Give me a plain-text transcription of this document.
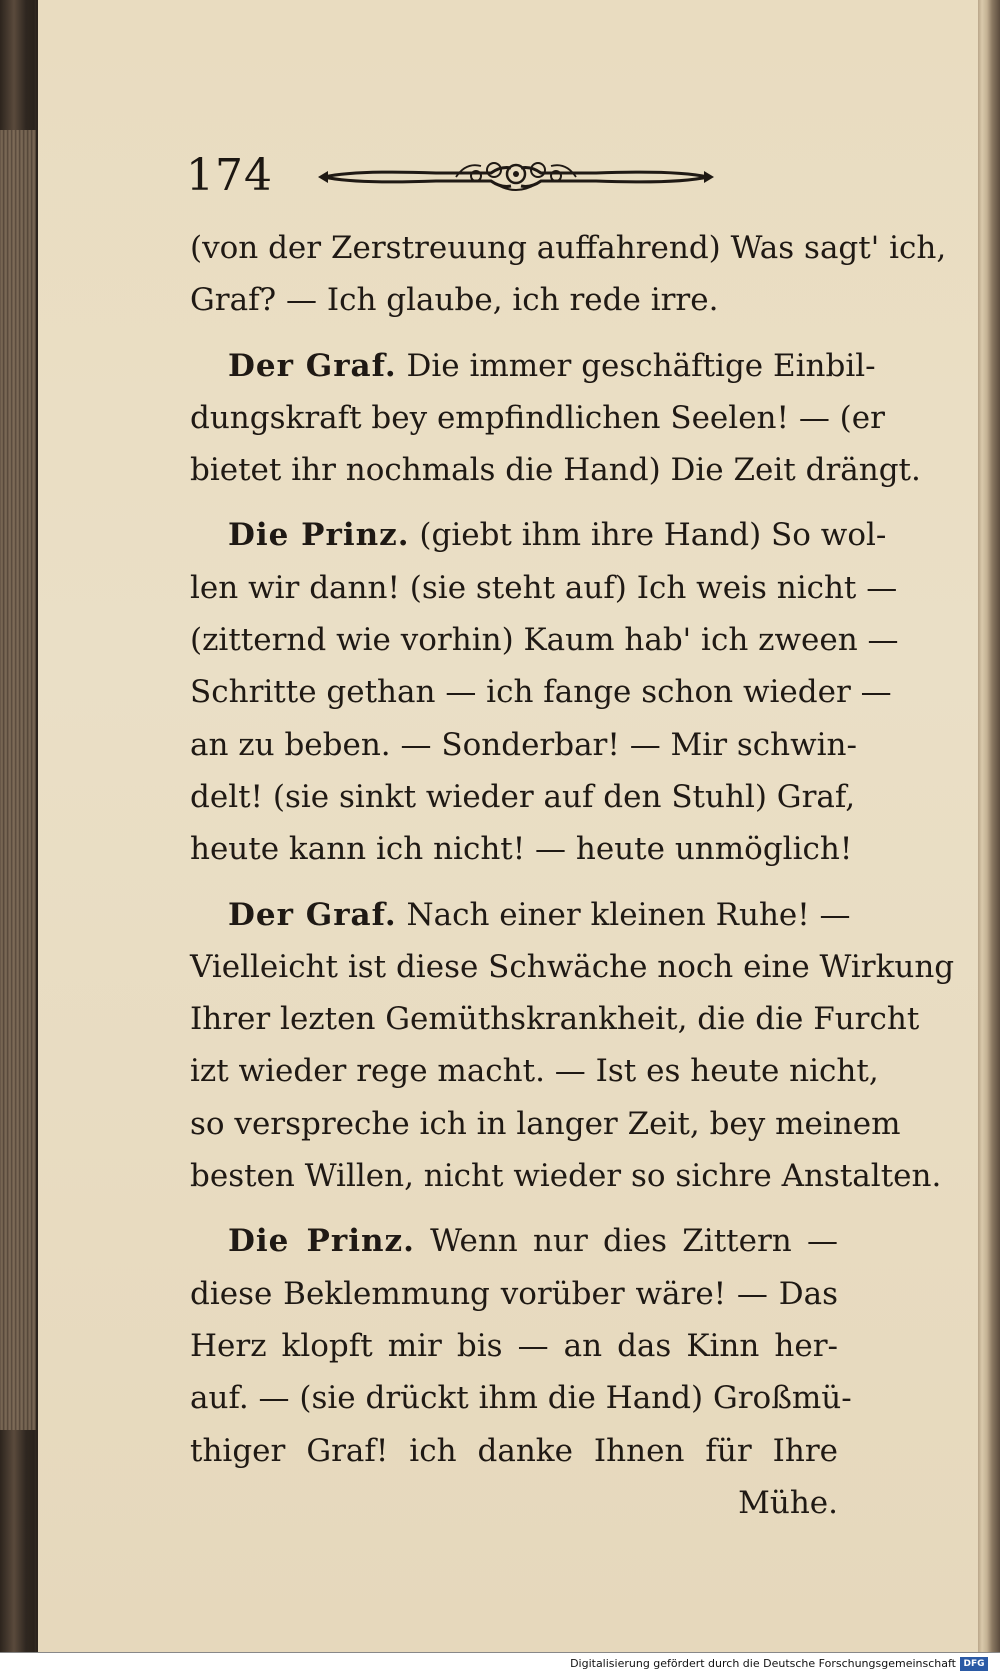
174
(von der Zerstreuung auffahrend) Was sagt' ich,
Graf? — Ich glaube, ich rede irre.
Der Graf. Die immer geschäftige Einbil-
dungskraft bey empfindlichen Seelen! — (er
bietet ihr nochmals die Hand) Die Zeit drängt.
Die Prinz. (giebt ihm ihre Hand) So wol-
len wir dann! (sie steht auf) Ich weis nicht —
(zitternd wie vorhin) Kaum hab' ich zween —
Schritte gethan — ich fange schon wieder —
an zu beben. — Sonderbar! — Mir schwin-
delt! (sie sinkt wieder auf den Stuhl) Graf,
heute kann ich nicht! — heute unmöglich!
Der Graf. Nach einer kleinen Ruhe! —
Vielleicht ist diese Schwäche noch eine Wirkung
Ihrer lezten Gemüthskrankheit, die die Furcht
izt wieder rege macht. — Ist es heute nicht,
so verspreche ich in langer Zeit, bey meinem
besten Willen, nicht wieder so sichre Anstalten.
Die Prinz. Wenn nur dies Zittern —
diese Beklemmung vorüber wäre! — Das
Herz klopft mir bis — an das Kinn her-
auf. — (sie drückt ihm die Hand) Großmü-
thiger Graf! ich danke Ihnen für Ihre
Mühe.
Digitalisierung gefördert durch die Deutsche Forschungsgemeinschaft DFG
